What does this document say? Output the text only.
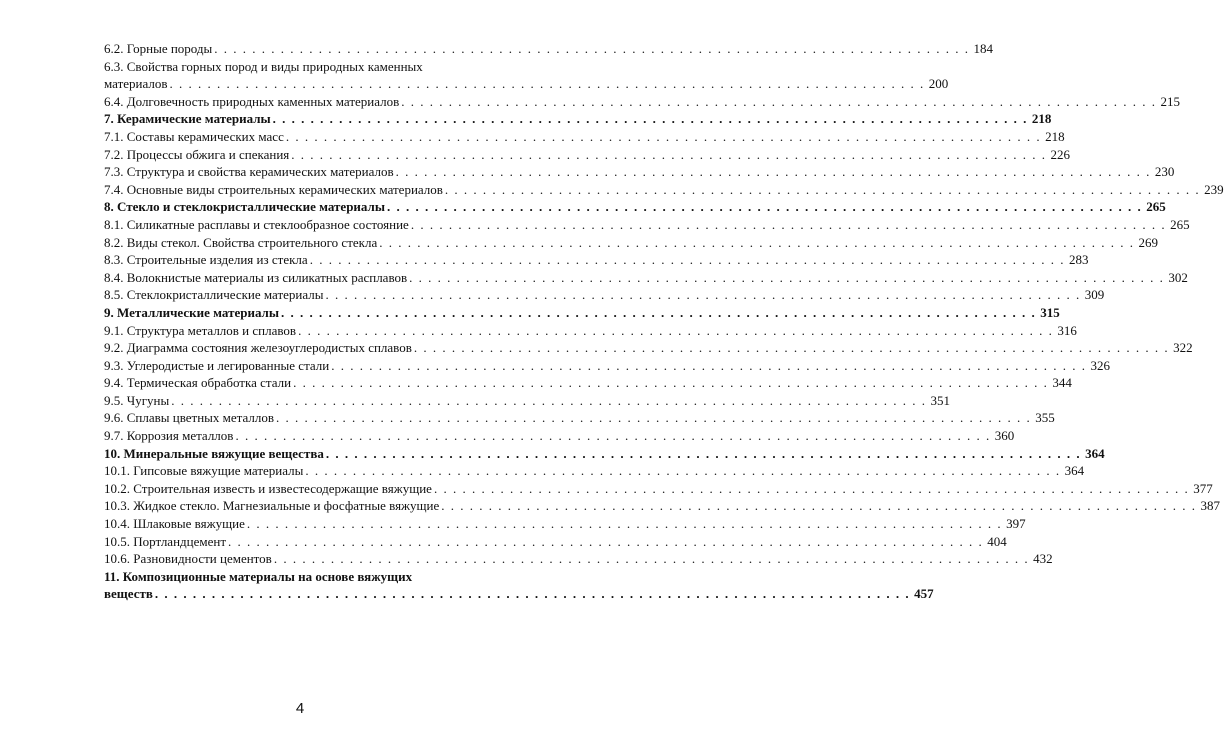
6.2. Горные породы . . . . . . . . . . . . . . . . . . . . . . . . . . . . . . . . . . . . . . . . . . . . . . . . . . . . . . . . . . . . . . . . . . . . . . . . . . . . . . . . 184
6.3. Свойства горных пород и виды природных каменных
материалов . . . . . . . . . . . . . . . . . . . . . . . . . . . . . . . . . . . . . . . . . . . . . . . . . . . . . . . . . . . . . . . . . . . . . . . . . . . . . . . . 200
6.4. Долговечность природных каменных материалов . . . . . . . . . . . . . . . . . . . . . . . . . . . . . . . . . . . . . . . . . . . . . . . . . . . . . . . . . . . . . . . . . . . . . . . . . . . . . . . . 215
7. Керамические материалы . . . . . . . . . . . . . . . . . . . . . . . . . . . . . . . . . . . . . . . . . . . . . . . . . . . . . . . . . . . . . . . . . . . . . . . . . . . . . . . . 218
7.1. Составы керамических масс . . . . . . . . . . . . . . . . . . . . . . . . . . . . . . . . . . . . . . . . . . . . . . . . . . . . . . . . . . . . . . . . . . . . . . . . . . . . . . . . 218
7.2. Процессы обжига и спекания . . . . . . . . . . . . . . . . . . . . . . . . . . . . . . . . . . . . . . . . . . . . . . . . . . . . . . . . . . . . . . . . . . . . . . . . . . . . . . . . 226
7.3. Структура и свойства керамических материалов . . . . . . . . . . . . . . . . . . . . . . . . . . . . . . . . . . . . . . . . . . . . . . . . . . . . . . . . . . . . . . . . . . . . . . . . . . . . . . . . 230
7.4. Основные виды строительных керамических материалов . . . . . . . . . . . . . . . . . . . . . . . . . . . . . . . . . . . . . . . . . . . . . . . . . . . . . . . . . . . . . . . . . . . . . . . . . . . . . . . . 239
8. Стекло и стеклокристаллические материалы . . . . . . . . . . . . . . . . . . . . . . . . . . . . . . . . . . . . . . . . . . . . . . . . . . . . . . . . . . . . . . . . . . . . . . . . . . . . . . . . 265
8.1. Силикатные расплавы и стеклообразное состояние . . . . . . . . . . . . . . . . . . . . . . . . . . . . . . . . . . . . . . . . . . . . . . . . . . . . . . . . . . . . . . . . . . . . . . . . . . . . . . . . 265
8.2. Виды стекол. Свойства строительного стекла . . . . . . . . . . . . . . . . . . . . . . . . . . . . . . . . . . . . . . . . . . . . . . . . . . . . . . . . . . . . . . . . . . . . . . . . . . . . . . . . 269
8.3. Строительные изделия из стекла . . . . . . . . . . . . . . . . . . . . . . . . . . . . . . . . . . . . . . . . . . . . . . . . . . . . . . . . . . . . . . . . . . . . . . . . . . . . . . . . 283
8.4. Волокнистые материалы из силикатных расплавов . . . . . . . . . . . . . . . . . . . . . . . . . . . . . . . . . . . . . . . . . . . . . . . . . . . . . . . . . . . . . . . . . . . . . . . . . . . . . . . . 302
8.5. Стеклокристаллические материалы . . . . . . . . . . . . . . . . . . . . . . . . . . . . . . . . . . . . . . . . . . . . . . . . . . . . . . . . . . . . . . . . . . . . . . . . . . . . . . . . 309
9. Металлические материалы . . . . . . . . . . . . . . . . . . . . . . . . . . . . . . . . . . . . . . . . . . . . . . . . . . . . . . . . . . . . . . . . . . . . . . . . . . . . . . . . 315
9.1. Структура металлов и сплавов . . . . . . . . . . . . . . . . . . . . . . . . . . . . . . . . . . . . . . . . . . . . . . . . . . . . . . . . . . . . . . . . . . . . . . . . . . . . . . . . 316
9.2. Диаграмма состояния железоуглеродистых сплавов . . . . . . . . . . . . . . . . . . . . . . . . . . . . . . . . . . . . . . . . . . . . . . . . . . . . . . . . . . . . . . . . . . . . . . . . . . . . . . . . 322
9.3. Углеродистые и легированные стали . . . . . . . . . . . . . . . . . . . . . . . . . . . . . . . . . . . . . . . . . . . . . . . . . . . . . . . . . . . . . . . . . . . . . . . . . . . . . . . . 326
9.4. Термическая обработка стали . . . . . . . . . . . . . . . . . . . . . . . . . . . . . . . . . . . . . . . . . . . . . . . . . . . . . . . . . . . . . . . . . . . . . . . . . . . . . . . . 344
9.5. Чугуны . . . . . . . . . . . . . . . . . . . . . . . . . . . . . . . . . . . . . . . . . . . . . . . . . . . . . . . . . . . . . . . . . . . . . . . . . . . . . . . . 351
9.6. Сплавы цветных металлов . . . . . . . . . . . . . . . . . . . . . . . . . . . . . . . . . . . . . . . . . . . . . . . . . . . . . . . . . . . . . . . . . . . . . . . . . . . . . . . . 355
9.7. Коррозия металлов . . . . . . . . . . . . . . . . . . . . . . . . . . . . . . . . . . . . . . . . . . . . . . . . . . . . . . . . . . . . . . . . . . . . . . . . . . . . . . . . 360
10. Минеральные вяжущие вещества . . . . . . . . . . . . . . . . . . . . . . . . . . . . . . . . . . . . . . . . . . . . . . . . . . . . . . . . . . . . . . . . . . . . . . . . . . . . . . . . 364
10.1. Гипсовые вяжущие материалы . . . . . . . . . . . . . . . . . . . . . . . . . . . . . . . . . . . . . . . . . . . . . . . . . . . . . . . . . . . . . . . . . . . . . . . . . . . . . . . . 364
10.2. Строительная известь и известесодержащие вяжущие . . . . . . . . . . . . . . . . . . . . . . . . . . . . . . . . . . . . . . . . . . . . . . . . . . . . . . . . . . . . . . . . . . . . . . . . . . . . . . . . 377
10.3. Жидкое стекло. Магнезиальные и фосфатные вяжущие . . . . . . . . . . . . . . . . . . . . . . . . . . . . . . . . . . . . . . . . . . . . . . . . . . . . . . . . . . . . . . . . . . . . . . . . . . . . . . . . 387
10.4. Шлаковые вяжущие . . . . . . . . . . . . . . . . . . . . . . . . . . . . . . . . . . . . . . . . . . . . . . . . . . . . . . . . . . . . . . . . . . . . . . . . . . . . . . . . 397
10.5. Портландцемент . . . . . . . . . . . . . . . . . . . . . . . . . . . . . . . . . . . . . . . . . . . . . . . . . . . . . . . . . . . . . . . . . . . . . . . . . . . . . . . . 404
10.6. Разновидности цементов . . . . . . . . . . . . . . . . . . . . . . . . . . . . . . . . . . . . . . . . . . . . . . . . . . . . . . . . . . . . . . . . . . . . . . . . . . . . . . . . 432
11. Композиционные материалы на основе вяжущих
веществ . . . . . . . . . . . . . . . . . . . . . . . . . . . . . . . . . . . . . . . . . . . . . . . . . . . . . . . . . . . . . . . . . . . . . . . . . . . . . . . . 457
4
